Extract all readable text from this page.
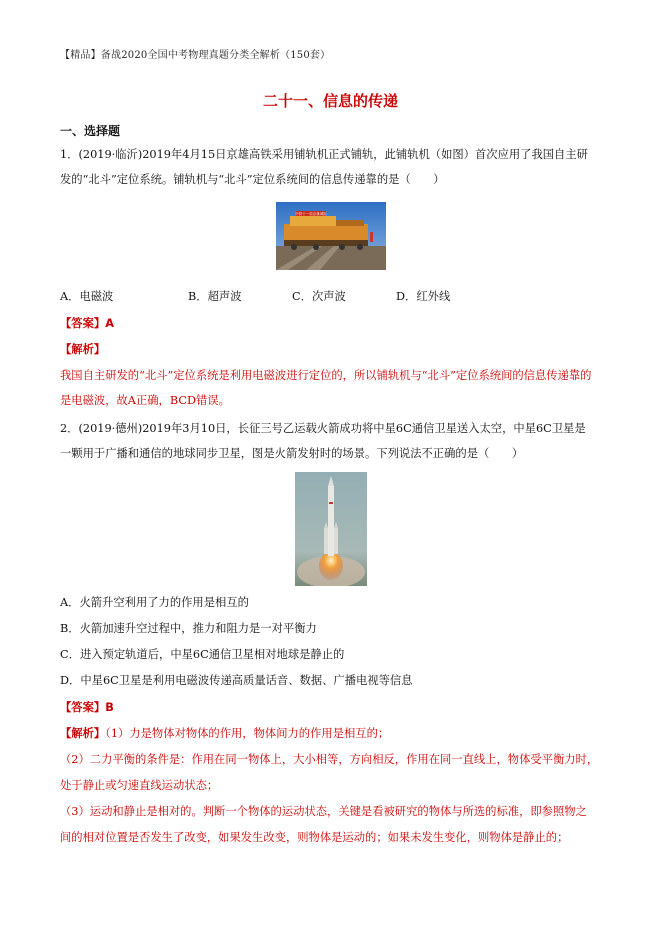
【精品】备战2020全国中考物理真题分类全解析（150套）
二十一、信息的传递
一、选择题
1．(2019·临沂)2019年4月15日京雄高铁采用铺轨机正式铺轨，此铺轨机（如图）首次应用了我国自主研
发的“北斗”定位系统。铺轨机与“北斗”定位系统间的信息传递靠的是（　　）
中铁十一局京雄城际
A．电磁波	B．超声波	C．次声波	D．红外线
【答案】A
【解析】
我国自主研发的“北斗”定位系统是利用电磁波进行定位的，所以铺轨机与“北斗”定位系统间的信息传递靠的
是电磁波，故A正确，BCD错误。
2．(2019·德州)2019年3月10日，长征三号乙运载火箭成功将中星6C通信卫星送入太空，中星6C卫星是
一颗用于广播和通信的地球同步卫星，图是火箭发射时的场景。下列说法不正确的是（　　）
A．火箭升空利用了力的作用是相互的
B．火箭加速升空过程中，推力和阻力是一对平衡力
C．进入预定轨道后，中星6C通信卫星相对地球是静止的
D．中星6C卫星是利用电磁波传递高质量话音、数据、广播电视等信息
【答案】B
【解析】（1）力是物体对物体的作用，物体间力的作用是相互的；
（2）二力平衡的条件是：作用在同一物体上，大小相等，方向相反，作用在同一直线上，物体受平衡力时，
处于静止或匀速直线运动状态；
（3）运动和静止是相对的。判断一个物体的运动状态，关键是看被研究的物体与所选的标准，即参照物之
间的相对位置是否发生了改变，如果发生改变，则物体是运动的；如果未发生变化，则物体是静止的；
